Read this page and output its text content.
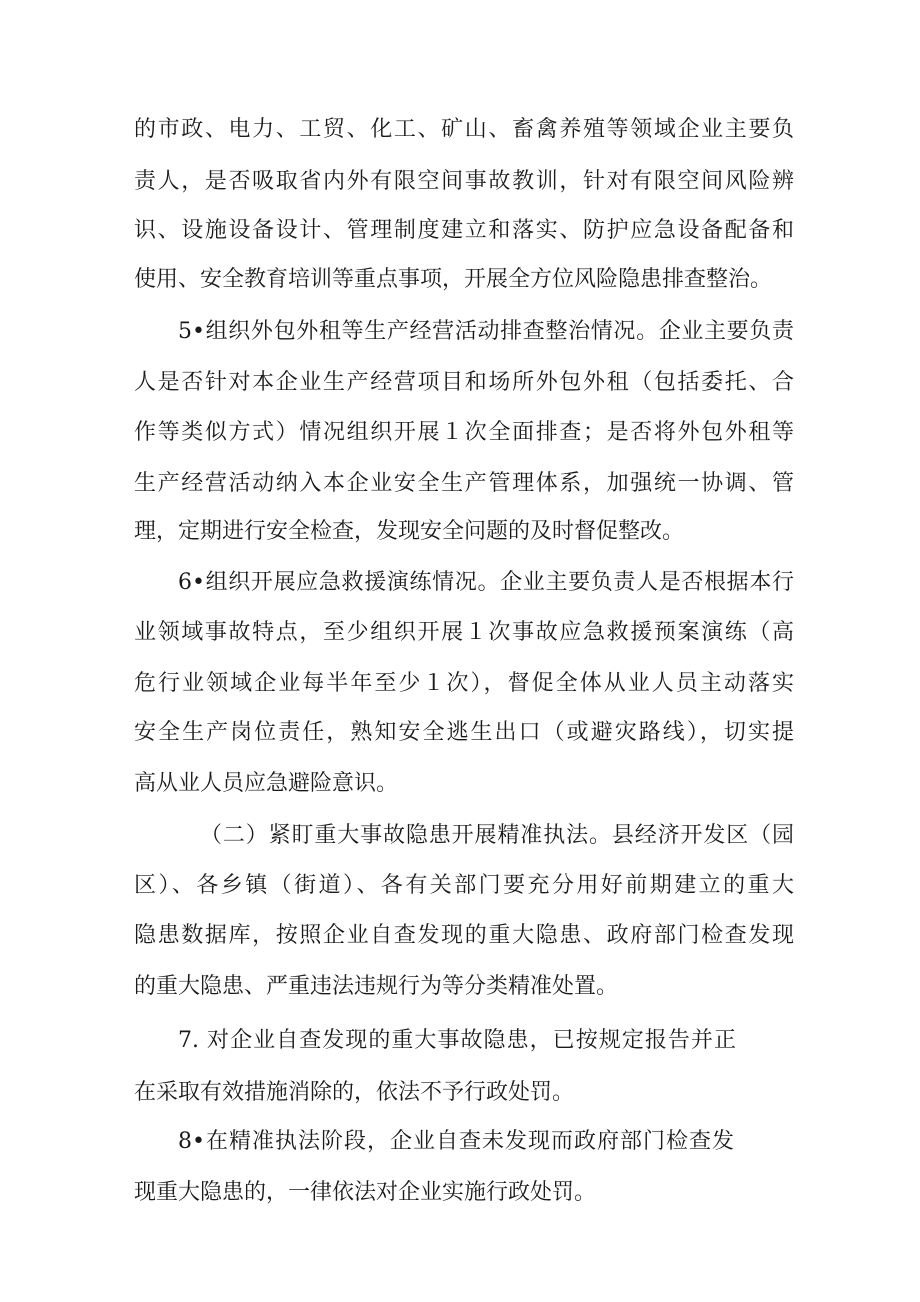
的市政、电力、工贸、化工、矿山、畜禽养殖等领域企业主要负
责人，是否吸取省内外有限空间事故教训，针对有限空间风险辨
识、设施设备设计、管理制度建立和落实、防护应急设备配备和
使用、安全教育培训等重点事项，开展全方位风险隐患排查整治。
5•组织外包外租等生产经营活动排查整治情况。企业主要负责
人是否针对本企业生产经营项目和场所外包外租（包括委托、合
作等类似方式）情况组织开展１次全面排查；是否将外包外租等
生产经营活动纳入本企业安全生产管理体系，加强统一协调、管
理，定期进行安全检查，发现安全问题的及时督促整改。
6•组织开展应急救援演练情况。企业主要负责人是否根据本行
业领域事故特点，至少组织开展１次事故应急救援预案演练（高
危行业领域企业每半年至少１次），督促全体从业人员主动落实
安全生产岗位责任，熟知安全逃生出口（或避灾路线），切实提
高从业人员应急避险意识。
（二）紧盯重大事故隐患开展精准执法。县经济开发区（园
区）、各乡镇（街道）、各有关部门要充分用好前期建立的重大
隐患数据库，按照企业自查发现的重大隐患、政府部门检查发现
的重大隐患、严重违法违规行为等分类精准处置。
7. 对企业自查发现的重大事故隐患，已按规定报告并正
在采取有效措施消除的，依法不予行政处罚。
8•在精准执法阶段，企业自查未发现而政府部门检查发
现重大隐患的，一律依法对企业实施行政处罚。
